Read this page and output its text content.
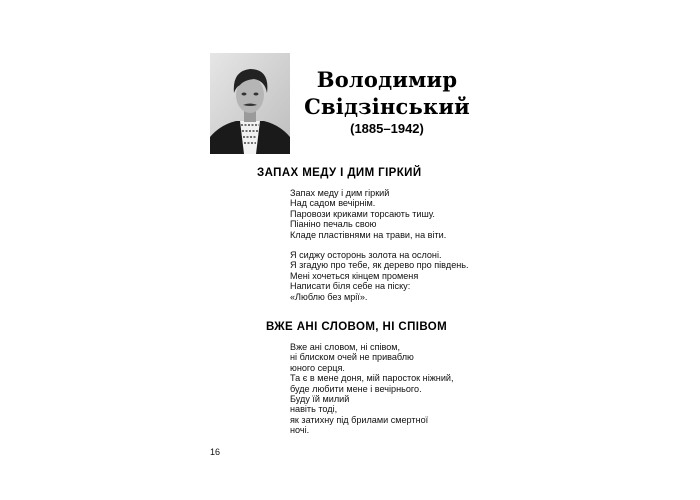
Володимир
Свідзінський
(1885–1942)
ЗАПАХ МЕДУ І ДИМ ГІРКИЙ
Запах меду і дим гіркий
Над садом вечірнім.
Паровози криками торсають тишу.
Піаніно печаль свою
Кладе пластівнями на трави, на віти.
Я сиджу осторонь золота на ослоні.
Я згадую про тебе, як дерево про південь.
Мені хочеться кінцем променя
Написати біля себе на піску:
«Люблю без мрії».
ВЖЕ АНІ СЛОВОМ, НІ СПІВОМ
Вже ані словом, ні співом,
ні блиском очей не приваблю
юного серця.
Та є в мене доня, мій паросток ніжний,
буде любити мене і вечірнього.
Буду їй милий
навіть тоді,
як затихну під брилами смертної
ночі.
16
